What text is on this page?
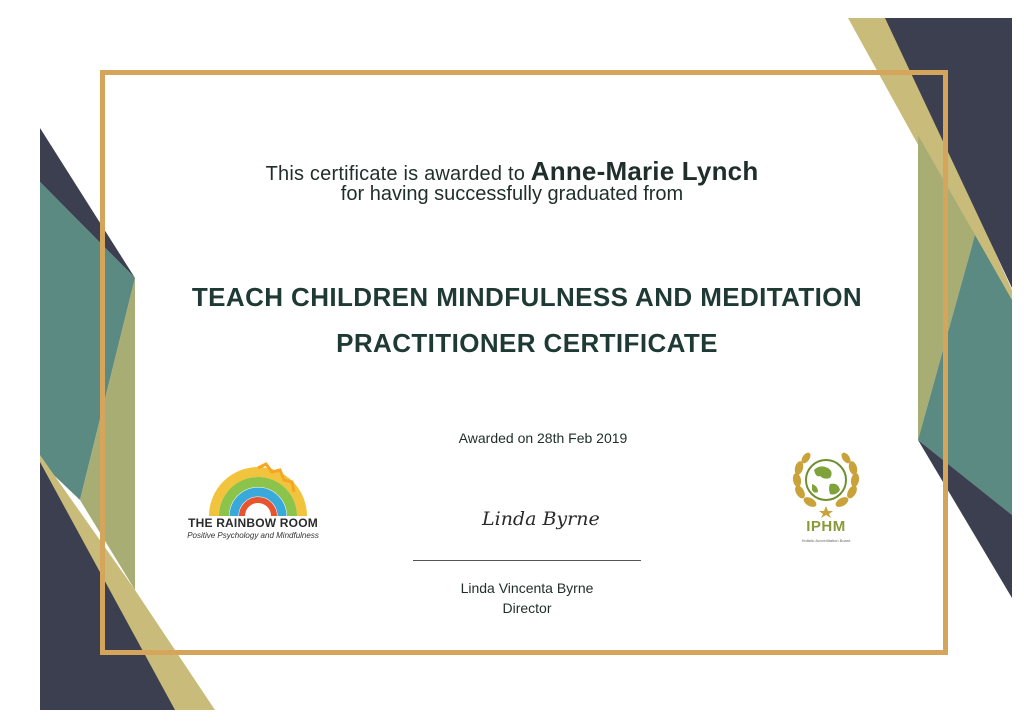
This certificate is awarded to Anne-Marie Lynch
for having successfully graduated from
TEACH CHILDREN MINDFULNESS AND MEDITATION
PRACTITIONER CERTIFICATE
Awarded on 28th Feb 2019
THE RAINBOW ROOM
Positive Psychology and Mindfulness
Linda Byrne
Linda Vincenta Byrne
Director
IPHM
Holistic Accreditation Board
